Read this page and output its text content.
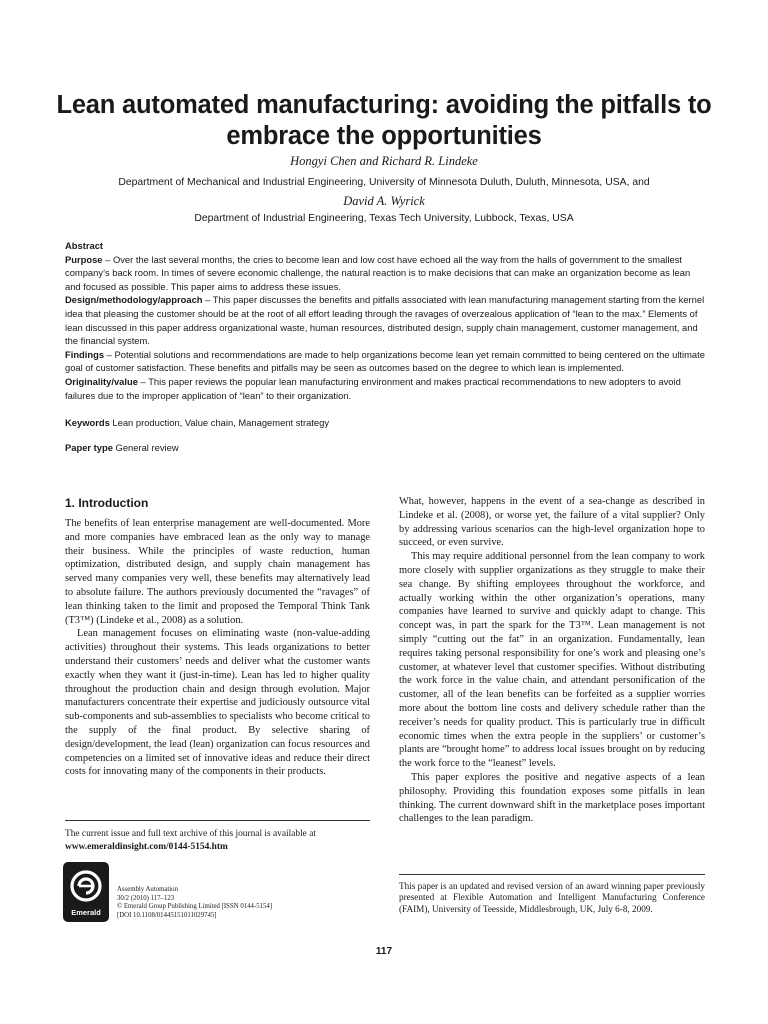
Lean automated manufacturing: avoiding the pitfalls to embrace the opportunities
Hongyi Chen and Richard R. Lindeke
Department of Mechanical and Industrial Engineering, University of Minnesota Duluth, Duluth, Minnesota, USA, and
David A. Wyrick
Department of Industrial Engineering, Texas Tech University, Lubbock, Texas, USA
Abstract

Purpose – Over the last several months, the cries to become lean and low cost have echoed all the way from the halls of government to the smallest company’s back room. In times of severe economic challenge, the natural reaction is to make decisions that can make an organization become as lean and focused as possible. This paper aims to address these issues.

Design/methodology/approach – This paper discusses the benefits and pitfalls associated with lean manufacturing management starting from the kernel idea that pleasing the customer should be at the root of all effort leading through the ravages of overzealous application of “lean to the max.” Elements of lean discussed in this paper address organizational waste, human resources, distributed design, supply chain management, customer management, and the financial system.

Findings – Potential solutions and recommendations are made to help organizations become lean yet remain committed to being centered on the ultimate goal of customer satisfaction. These benefits and pitfalls may be seen as outcomes based on the degree to which lean is implemented.

Originality/value – This paper reviews the popular lean manufacturing environment and makes practical recommendations to new adopters to avoid failures due to the improper application of “lean” to their organization.

Keywords Lean production, Value chain, Management strategy
Paper type General review
1. Introduction

The benefits of lean enterprise management are well-documented. More and more companies have embraced lean as the only way to manage their business. While the principles of waste reduction, human optimization, distributed design, and supply chain management has served many companies very well, these benefits may alternatively lead to absolute failure. The authors previously documented the “ravages” of lean thinking taken to the limit and proposed the Temporal Think Tank (T3™) (Lindeke et al., 2008) as a solution.

Lean management focuses on eliminating waste (non-value-adding activities) throughout their systems. This leads organizations to better understand their customers’ needs and deliver what the customer wants exactly when they want it (just-in-time). Lean has led to higher quality throughout the production chain and design through evolution. Major manufacturers concentrate their expertise and judiciously outsource vital sub-components and sub-assemblies to specialists who become critical to the supply of the final product. By selective sharing of design/development, the lead (lean) organization can focus resources and competencies on a limited set of innovative ideas and reduce their direct costs for innovating many of the components in their products.

What, however, happens in the event of a sea-change as described in Lindeke et al. (2008), or worse yet, the failure of a vital supplier? Only by addressing various scenarios can the high-level organization hope to succeed, or even survive.

This may require additional personnel from the lean company to work more closely with supplier organizations as they struggle to make their sea change. By shifting employees throughout the workforce, and actually working within the other organization’s operations, many companies have learned to survive and quickly adapt to change. This concept was, in part the spark for the T3™. Lean management is not simply “cutting out the fat” in an organization. Fundamentally, lean requires taking personal responsibility for one’s work and pleasing one’s customer, at whatever level that customer specifies. Without distributing the work force in the value chain, and attendant personification of the customer, all of the lean benefits can be forfeited as a supplier worries more about the bottom line costs and delivery schedule rather than the receiver’s needs for quality product. This is particularly true in difficult economic times when the extra people in the suppliers’ or customer’s plants are “brought home” to address local issues brought on by reducing the work force to the “leanest” levels.

This paper explores the positive and negative aspects of a lean philosophy. Providing this foundation exposes some pitfalls in lean thinking. The current downward shift in the marketplace poses important challenges to the lean paradigm.

The current issue and full text archive of this journal is available at
www.emeraldinsight.com/0144-5154.htm
This paper is an updated and revised version of an award winning paper previously presented at Flexible Automation and Intelligent Manufacturing Conference (FAIM), University of Teesside, Middlesbrough, UK, July 6-8, 2009.
Emerald
Assembly Automation
30/2 (2010) 117–123
© Emerald Group Publishing Limited [ISSN 0144-5154]
[DOI 10.1108/01445151011029745]
117
